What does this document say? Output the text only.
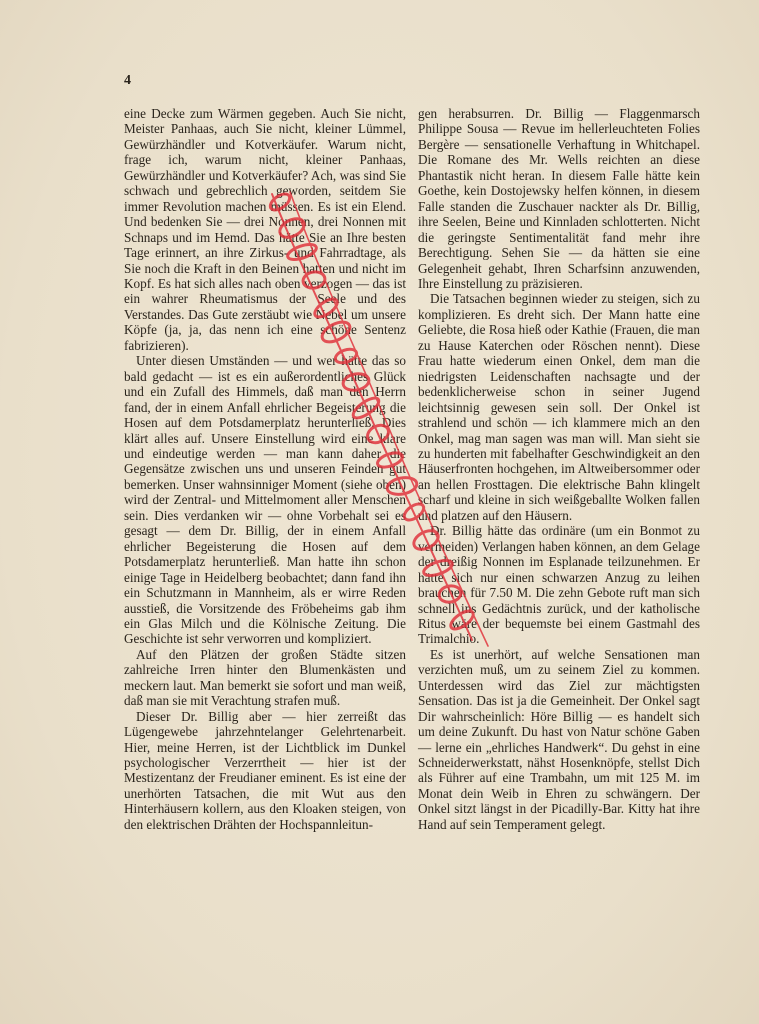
4

eine Decke zum Wärmen gegeben. Auch Sie nicht, Meister Panhaas, auch Sie nicht, kleiner Lümmel, Gewürzhändler und Kotverkäufer. Warum nicht, frage ich, warum nicht, kleiner Panhaas, Gewürzhändler und Kotverkäufer? Ach, was sind Sie schwach und gebrechlich geworden, seitdem Sie immer Revolution machen müssen. Es ist ein Elend. Und bedenken Sie — drei Nonnen, drei Nonnen mit Schnaps und im Hemd. Das hätte Sie an Ihre besten Tage erinnert, an ihre Zirkus- und Fahrradtage, als Sie noch die Kraft in den Beinen hatten und nicht im Kopf. Es hat sich alles nach oben verzogen — das ist ein wahrer Rheumatismus der Seele und des Verstandes. Das Gute zerstäubt wie Nebel um unsere Köpfe (ja, ja, das nenn ich eine schöne Sentenz fabrizieren).

Unter diesen Umständen — und wer hätte das so bald gedacht — ist es ein außerordentliches Glück und ein Zufall des Himmels, daß man den Herrn fand, der in einem Anfall ehrlicher Begeisterung die Hosen auf dem Potsdamerplatz herunterließ. Dies klärt alles auf. Unsere Einstellung wird eine klare und eindeutige werden — man kann daher die Gegensätze zwischen uns und unseren Feinden gut bemerken. Unser wahnsinniger Moment (siehe oben) wird der Zentral- und Mittelmoment aller Menschen sein. Dies verdanken wir — ohne Vorbehalt sei es gesagt — dem Dr. Billig, der in einem Anfall ehrlicher Begeisterung die Hosen auf dem Potsdamerplatz herunterließ. Man hatte ihn schon einige Tage in Heidelberg beobachtet; dann fand ihn ein Schutzmann in Mannheim, als er wirre Reden ausstieß, die Vorsitzende des Fröbeheims gab ihm ein Glas Milch und die Kölnische Zeitung. Die Geschichte ist sehr verworren und kompliziert.

Auf den Plätzen der großen Städte sitzen zahlreiche Irren hinter den Blumenkästen und meckern laut. Man bemerkt sie sofort und man weiß, daß man sie mit Verachtung strafen muß.

Dieser Dr. Billig aber — hier zerreißt das Lügengewebe jahrzehntelanger Gelehrtenarbeit. Hier, meine Herren, ist der Lichtblick im Dunkel psychologischer Verzerrtheit — hier ist der Mestizentanz der Freudianer eminent. Es ist eine der unerhörten Tatsachen, die mit Wut aus den Hinterhäusern kollern, aus den Kloaken steigen, von den elektrischen Drähten der Hochspannleitun-

gen herabsurren. Dr. Billig — Flaggenmarsch Philippe Sousa — Revue im hellerleuchteten Folies Bergère — sensationelle Verhaftung in Whitchapel. Die Romane des Mr. Wells reichten an diese Phantastik nicht heran. In diesem Falle hätte kein Goethe, kein Dostojewsky helfen können, in diesem Falle standen die Zuschauer nackter als Dr. Billig, ihre Seelen, Beine und Kinnladen schlotterten. Nicht die geringste Sentimentalität fand mehr ihre Berechtigung. Sehen Sie — da hätten sie eine Gelegenheit gehabt, Ihren Scharfsinn anzuwenden, Ihre Einstellung zu präzisieren.

Die Tatsachen beginnen wieder zu steigen, sich zu komplizieren. Es dreht sich. Der Mann hatte eine Geliebte, die Rosa hieß oder Kathie (Frauen, die man zu Hause Katerchen oder Röschen nennt). Diese Frau hatte wiederum einen Onkel, dem man die niedrigsten Leidenschaften nachsagte und der bedenklicherweise schon in seiner Jugend leichtsinnig gewesen sein soll. Der Onkel ist strahlend und schön — ich klammere mich an den Onkel, mag man sagen was man will. Man sieht sie zu hunderten mit fabelhafter Geschwindigkeit an den Häuserfronten hochgehen, im Altweibersommer oder an hellen Frosttagen. Die elektrische Bahn klingelt scharf und kleine in sich weißgeballte Wolken fallen und platzen auf den Häusern.

Dr. Billig hätte das ordinäre (um ein Bonmot zu vermeiden) Verlangen haben können, an dem Gelage der dreißig Nonnen im Esplanade teilzunehmen. Er hätte sich nur einen schwarzen Anzug zu leihen brauchen für 7.50 M. Die zehn Gebote ruft man sich schnell ins Gedächtnis zurück, und der katholische Ritus wäre der bequemste bei einem Gastmahl des Trimalchio.

Es ist unerhört, auf welche Sensationen man verzichten muß, um zu seinem Ziel zu kommen. Unterdessen wird das Ziel zur mächtigsten Sensation. Das ist ja die Gemeinheit. Der Onkel sagt Dir wahrscheinlich: Höre Billig — es handelt sich um deine Zukunft. Du hast von Natur schöne Gaben — lerne ein „ehrliches Handwerk“. Du gehst in eine Schneiderwerkstatt, nähst Hosenknöpfe, stellst Dich als Führer auf eine Trambahn, um mit 125 M. im Monat dein Weib in Ehren zu schwängern. Der Onkel sitzt längst in der Picadilly-Bar. Kitty hat ihre Hand auf sein Temperament gelegt.
